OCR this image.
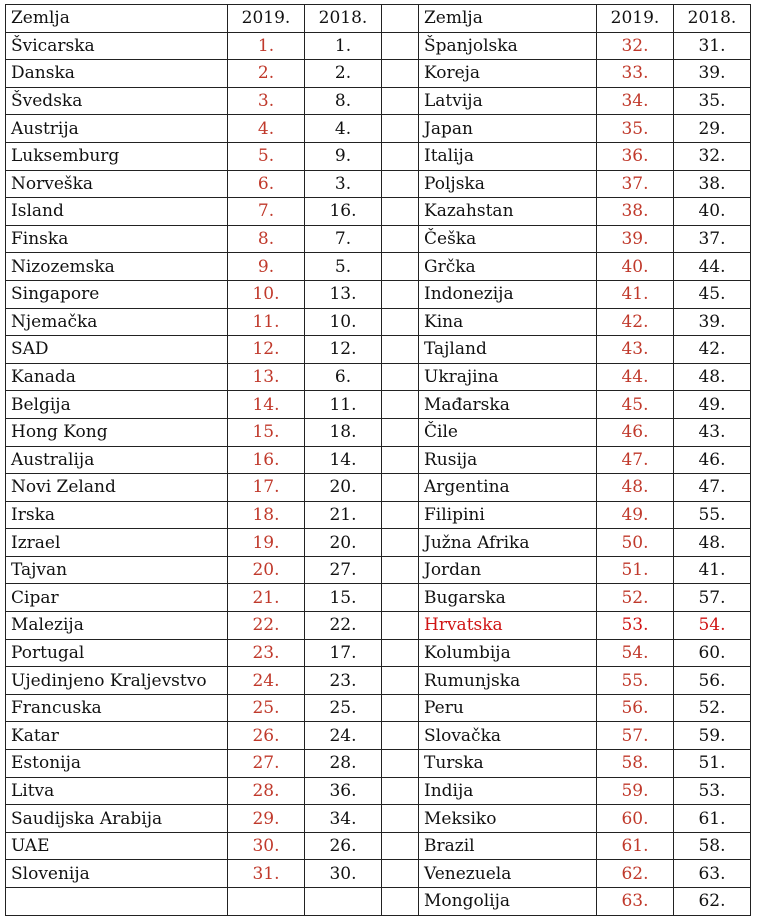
Zemlja	2019.	2018.		Zemlja	2019.	2018.
Švicarska	1.	1.		Španjolska	32.	31.
Danska	2.	2.		Koreja	33.	39.
Švedska	3.	8.		Latvija	34.	35.
Austrija	4.	4.		Japan	35.	29.
Luksemburg	5.	9.		Italija	36.	32.
Norveška	6.	3.		Poljska	37.	38.
Island	7.	16.		Kazahstan	38.	40.
Finska	8.	7.		Češka	39.	37.
Nizozemska	9.	5.		Grčka	40.	44.
Singapore	10.	13.		Indonezija	41.	45.
Njemačka	11.	10.		Kina	42.	39.
SAD	12.	12.		Tajland	43.	42.
Kanada	13.	6.		Ukrajina	44.	48.
Belgija	14.	11.		Mađarska	45.	49.
Hong Kong	15.	18.		Čile	46.	43.
Australija	16.	14.		Rusija	47.	46.
Novi Zeland	17.	20.		Argentina	48.	47.
Irska	18.	21.		Filipini	49.	55.
Izrael	19.	20.		Južna Afrika	50.	48.
Tajvan	20.	27.		Jordan	51.	41.
Cipar	21.	15.		Bugarska	52.	57.
Malezija	22.	22.		Hrvatska	53.	54.
Portugal	23.	17.		Kolumbija	54.	60.
Ujedinjeno Kraljevstvo	24.	23.		Rumunjska	55.	56.
Francuska	25.	25.		Peru	56.	52.
Katar	26.	24.		Slovačka	57.	59.
Estonija	27.	28.		Turska	58.	51.
Litva	28.	36.		Indija	59.	53.
Saudijska Arabija	29.	34.		Meksiko	60.	61.
UAE	30.	26.		Brazil	61.	58.
Slovenija	31.	30.		Venezuela	62.	63.
				Mongolija	63.	62.
